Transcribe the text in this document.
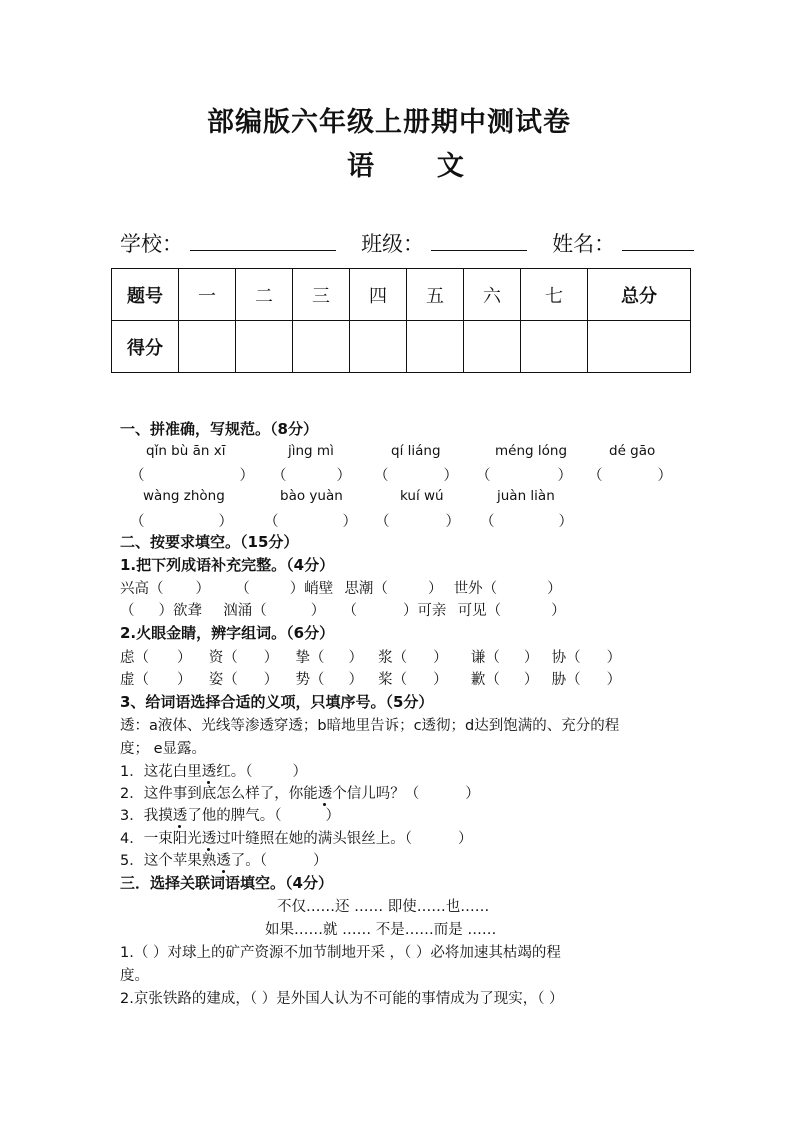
部编版六年级上册期中测试卷
语 文
学校：	班级：	姓名：
题号	一	二	三	四	五	六	七	总分
得分								
一、拼准确，写规范。（8分）
qǐn bù ān xī	jìng mì	qí liáng	méng lóng	dé gāo
（	） （	） （	） （	） （	）
wàng zhòng	bào yuàn	kuí wú	juàn liàn
（	） （	） （	） （	）
二、按要求填空。（15分）
1.把下列成语补充完整。（4分）
兴高（ ） （	）峭壁 思潮（	） 世外（	）
（ ）欲聋 汹涌（	） （	）可亲 可见（	）
2.火眼金睛，辨字组词。（6分）
虑（ ） 资（ ） 挚（ ） 浆（ ） 谦（ ） 协（ ）
虚（ ） 姿（ ） 势（ ） 桨（ ） 歉（ ） 胁（ ）
3、给词语选择合适的义项，只填序号。（5分）
透：a液体、光线等渗透穿透；b暗地里告诉；c透彻；d达到饱满的、充分的程
度； e显露。
1．这花白里透红。（	）
2．这件事到底怎么样了，你能透个信儿吗？（	）
3．我摸透了他的脾气。（	）
4．一束阳光透过叶缝照在她的满头银丝上。（	）
5．这个苹果熟透了。（	）
三．选择关联词语填空。（4分）
不仅……还 …… 即使……也……
如果……就 …… 不是……而是 ……
1.（ ）对球上的矿产资源不加节制地开采 ，（ ）必将加速其枯竭的程
度。
2.京张铁路的建成，（ ）是外国人认为不可能的事情成为了现实，（ ）
